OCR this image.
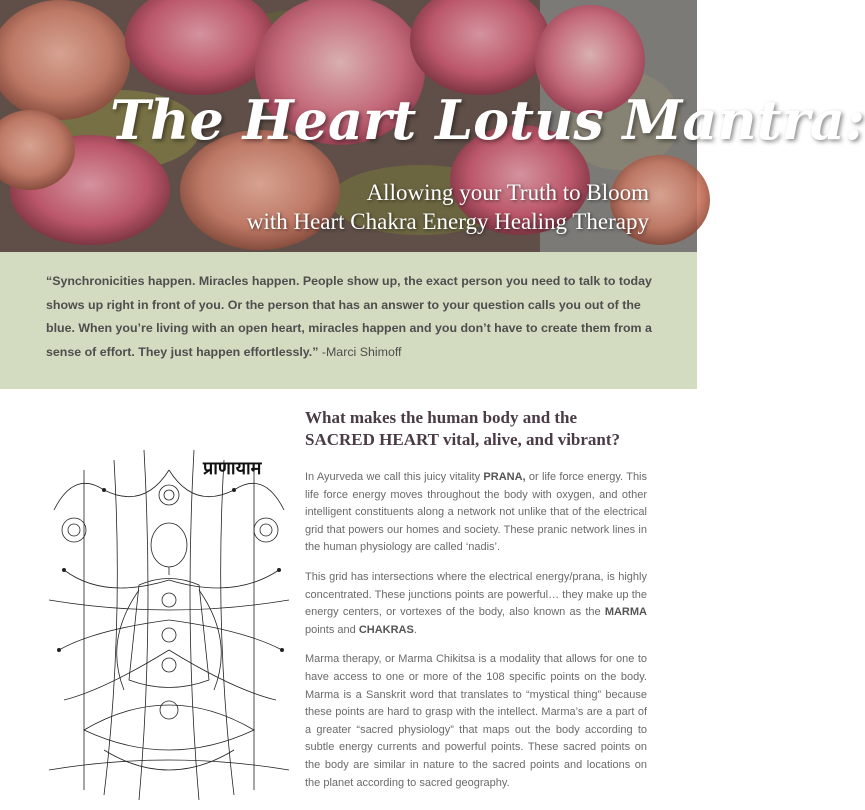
The Heart Lotus Mantra:
Allowing your Truth to Bloom
with Heart Chakra Energy Healing Therapy

“Synchronicities happen. Miracles happen. People show up, the exact person you need to talk to today shows up right in front of you. Or the person that has an answer to your question calls you out of the blue. When you’re living with an open heart, miracles happen and you don’t have to create them from a sense of effort. They just happen effortlessly.” -Marci Shimoff

प्राणायाम
What makes the human body and the SACRED HEART vital, alive, and vibrant?

In Ayurveda we call this juicy vitality PRANA, or life force energy. This life force energy moves throughout the body with oxygen, and other intelligent constituents along a network not unlike that of the electrical grid that powers our homes and society. These pranic network lines in the human physiology are called ‘nadis’.

This grid has intersections where the electrical energy/prana, is highly concentrated. These junctions points are powerful… they make up the energy centers, or vortexes of the body, also known as the MARMA points and CHAKRAS.

Marma therapy, or Marma Chikitsa is a modality that allows for one to have access to one or more of the 108 specific points on the body. Marma is a Sanskrit word that translates to “mystical thing” because these points are hard to grasp with the intellect. Marma’s are a part of a greater “sacred physiology” that maps out the body according to subtle energy currents and powerful points. These sacred points on the body are similar in nature to the sacred points and locations on the planet according to sacred geography.
